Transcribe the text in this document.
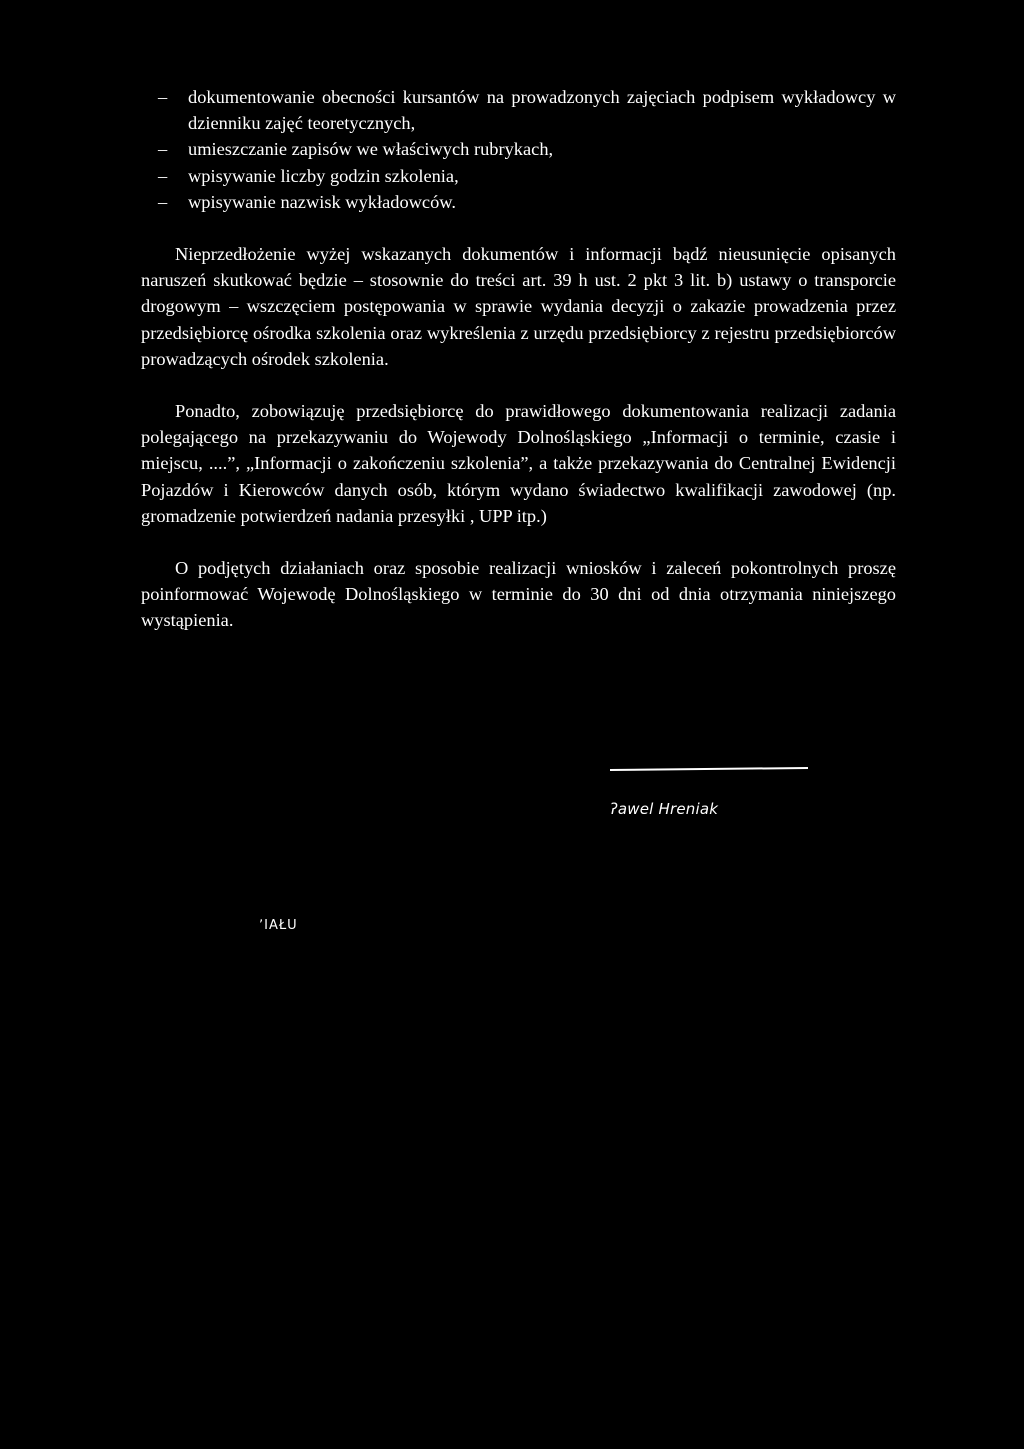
– dokumentowanie obecności kursantów na prowadzonych zajęciach podpisem wykładowcy w dzienniku zajęć teoretycznych,
– umieszczanie zapisów we właściwych rubrykach,
– wpisywanie liczby godzin szkolenia,
– wpisywanie nazwisk wykładowców.

Nieprzedłożenie wyżej wskazanych dokumentów i informacji bądź nieusunięcie opisanych naruszeń skutkować będzie – stosownie do treści art. 39 h ust. 2 pkt 3 lit. b) ustawy o transporcie drogowym – wszczęciem postępowania w sprawie wydania decyzji o zakazie prowadzenia przez przedsiębiorcę ośrodka szkolenia oraz wykreślenia z urzędu przedsiębiorcy z rejestru przedsiębiorców prowadzących ośrodek szkolenia.

Ponadto, zobowiązuję przedsiębiorcę do prawidłowego dokumentowania realizacji zadania polegającego na przekazywaniu do Wojewody Dolnośląskiego „Informacji o terminie, czasie i miejscu, ....”, „Informacji o zakończeniu szkolenia”, a także przekazywania do Centralnej Ewidencji Pojazdów i Kierowców danych osób, którym wydano świadectwo kwalifikacji zawodowej (np. gromadzenie potwierdzeń nadania przesyłki , UPP itp.)

O podjętych działaniach oraz sposobie realizacji wniosków i zaleceń pokontrolnych proszę poinformować Wojewodę Dolnośląskiego w terminie do 30 dni od dnia otrzymania niniejszego wystąpienia.

ʔawel Hreniak
ʼIAŁU
